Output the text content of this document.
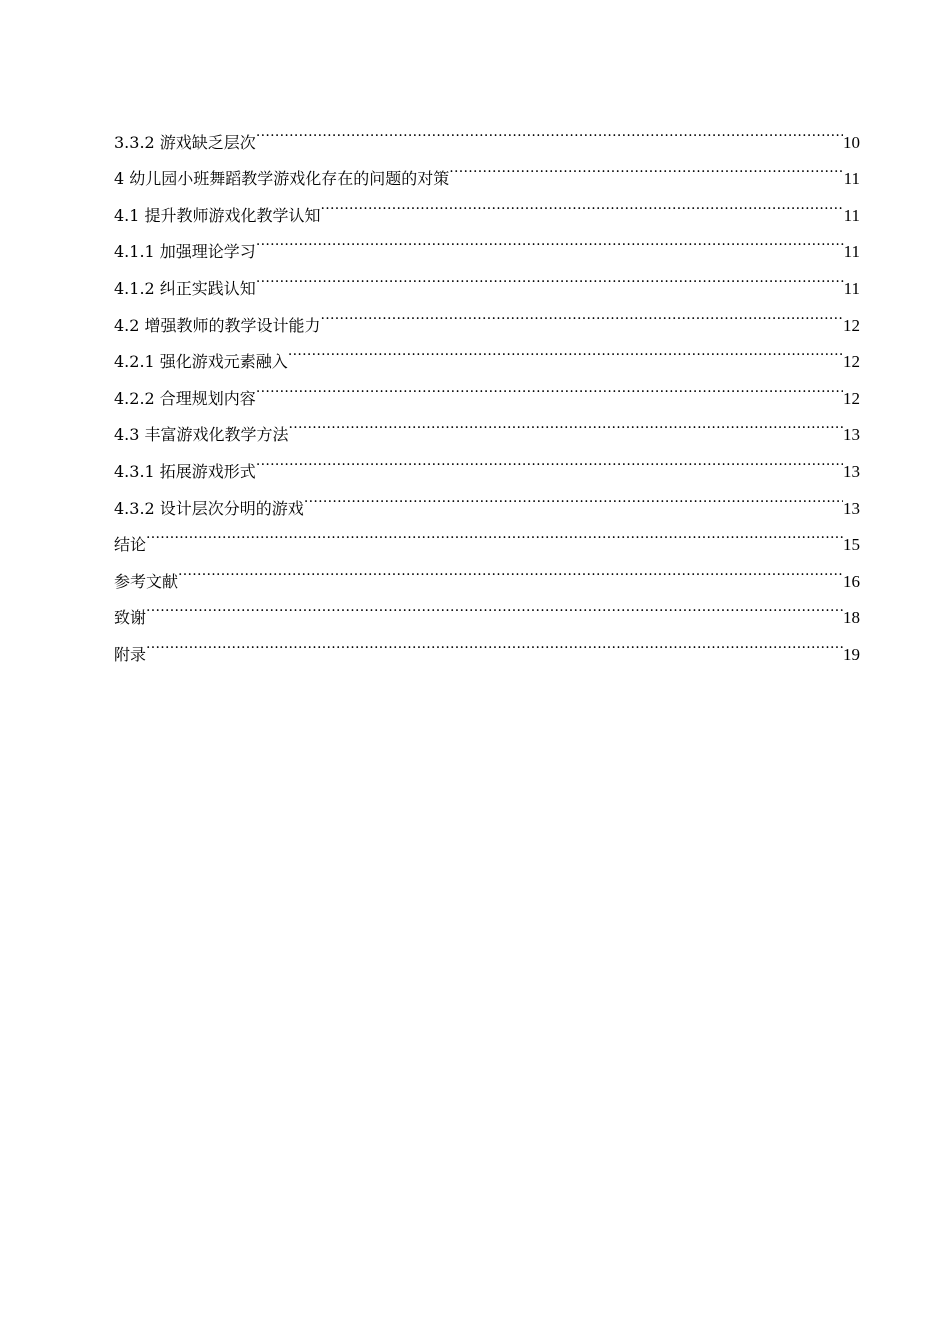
3.3.2 游戏缺乏层次 .....	10
4 幼儿园小班舞蹈教学游戏化存在的问题的对策 .....	11
4.1 提升教师游戏化教学认知 .....	11
4.1.1 加强理论学习 .....	11
4.1.2 纠正实践认知 .....	11
4.2 增强教师的教学设计能力 .....	12
4.2.1 强化游戏元素融入 .....	12
4.2.2 合理规划内容 .....	12
4.3 丰富游戏化教学方法 .....	13
4.3.1 拓展游戏形式 .....	13
4.3.2 设计层次分明的游戏 .....	13
结论 .....	15
参考文献 .....	16
致谢 .....	18
附录 .....	19
